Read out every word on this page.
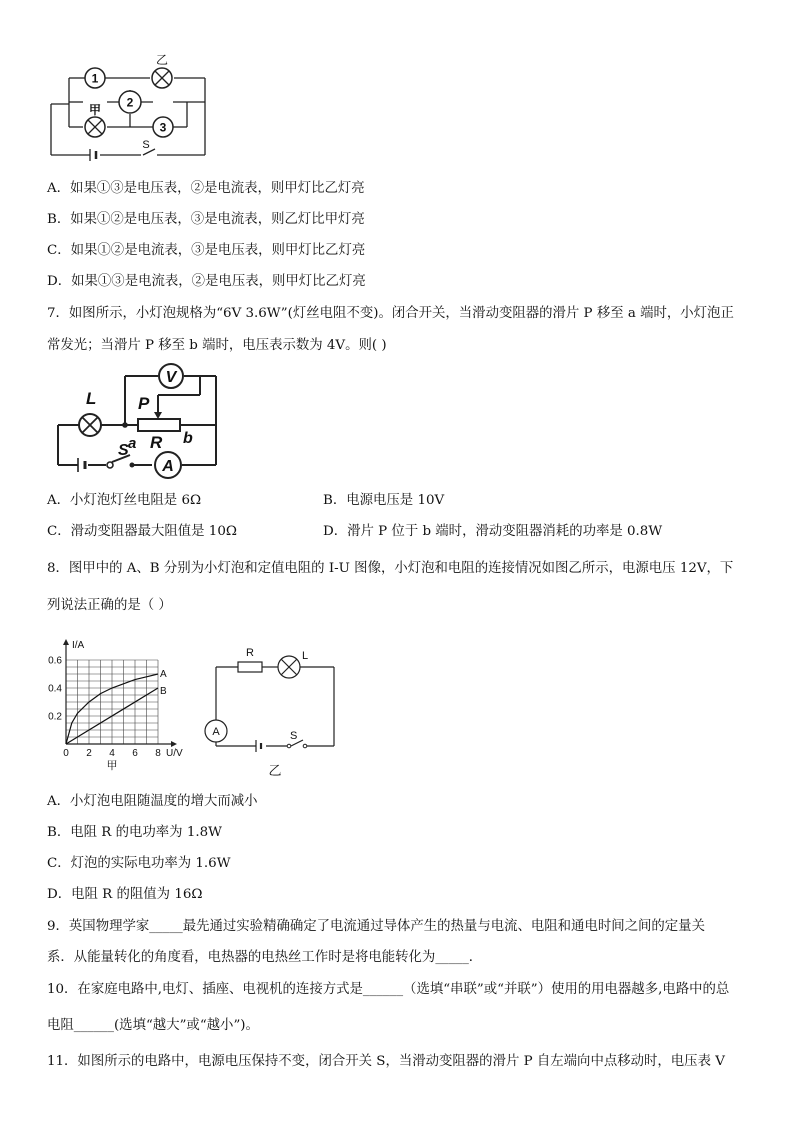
1
乙
2
甲
3
S
A．如果①③是电压表，②是电流表，则甲灯比乙灯亮
B．如果①②是电压表，③是电流表，则乙灯比甲灯亮
C．如果①②是电流表，③是电压表，则甲灯比乙灯亮
D．如果①③是电流表，②是电压表，则甲灯比乙灯亮
7．如图所示，小灯泡规格为“6V 3.6W”(灯丝电阻不变)。闭合开关，当滑动变阻器的滑片 P 移至 a 端时，小灯泡正
常发光；当滑片 P 移至 b 端时，电压表示数为 4V。则( )
V
A
L P
a R b
S
A．小灯泡灯丝电阻是 6Ω	B．电源电压是 10V
C．滑动变阻器最大阻值是 10Ω	D．滑片 P 位于 b 端时，滑动变阻器消耗的功率是 0.8W
8．图甲中的 A、B 分别为小灯泡和定值电阻的 I-U 图像，小灯泡和电阻的连接情况如图乙所示，电源电压 12V，下
列说法正确的是（ ）
0 2 4 6 8
0.2
0.4
0.6
U/V
I/A
甲
A
B
A
R	L
S
乙
A．小灯泡电阻随温度的增大而减小
B．电阻 R 的电功率为 1.8W
C．灯泡的实际电功率为 1.6W
D．电阻 R 的阻值为 16Ω
9．英国物理学家_____最先通过实验精确确定了电流通过导体产生的热量与电流、电阻和通电时间之间的定量关
系．从能量转化的角度看，电热器的电热丝工作时是将电能转化为_____．
10．在家庭电路中,电灯、插座、电视机的连接方式是______（选填“串联”或“并联”）使用的用电器越多,电路中的总
电阻______(选填“越大”或“越小”)。
11．如图所示的电路中，电源电压保持不变，闭合开关 S，当滑动变阻器的滑片 P 自左端向中点移动时，电压表 V
